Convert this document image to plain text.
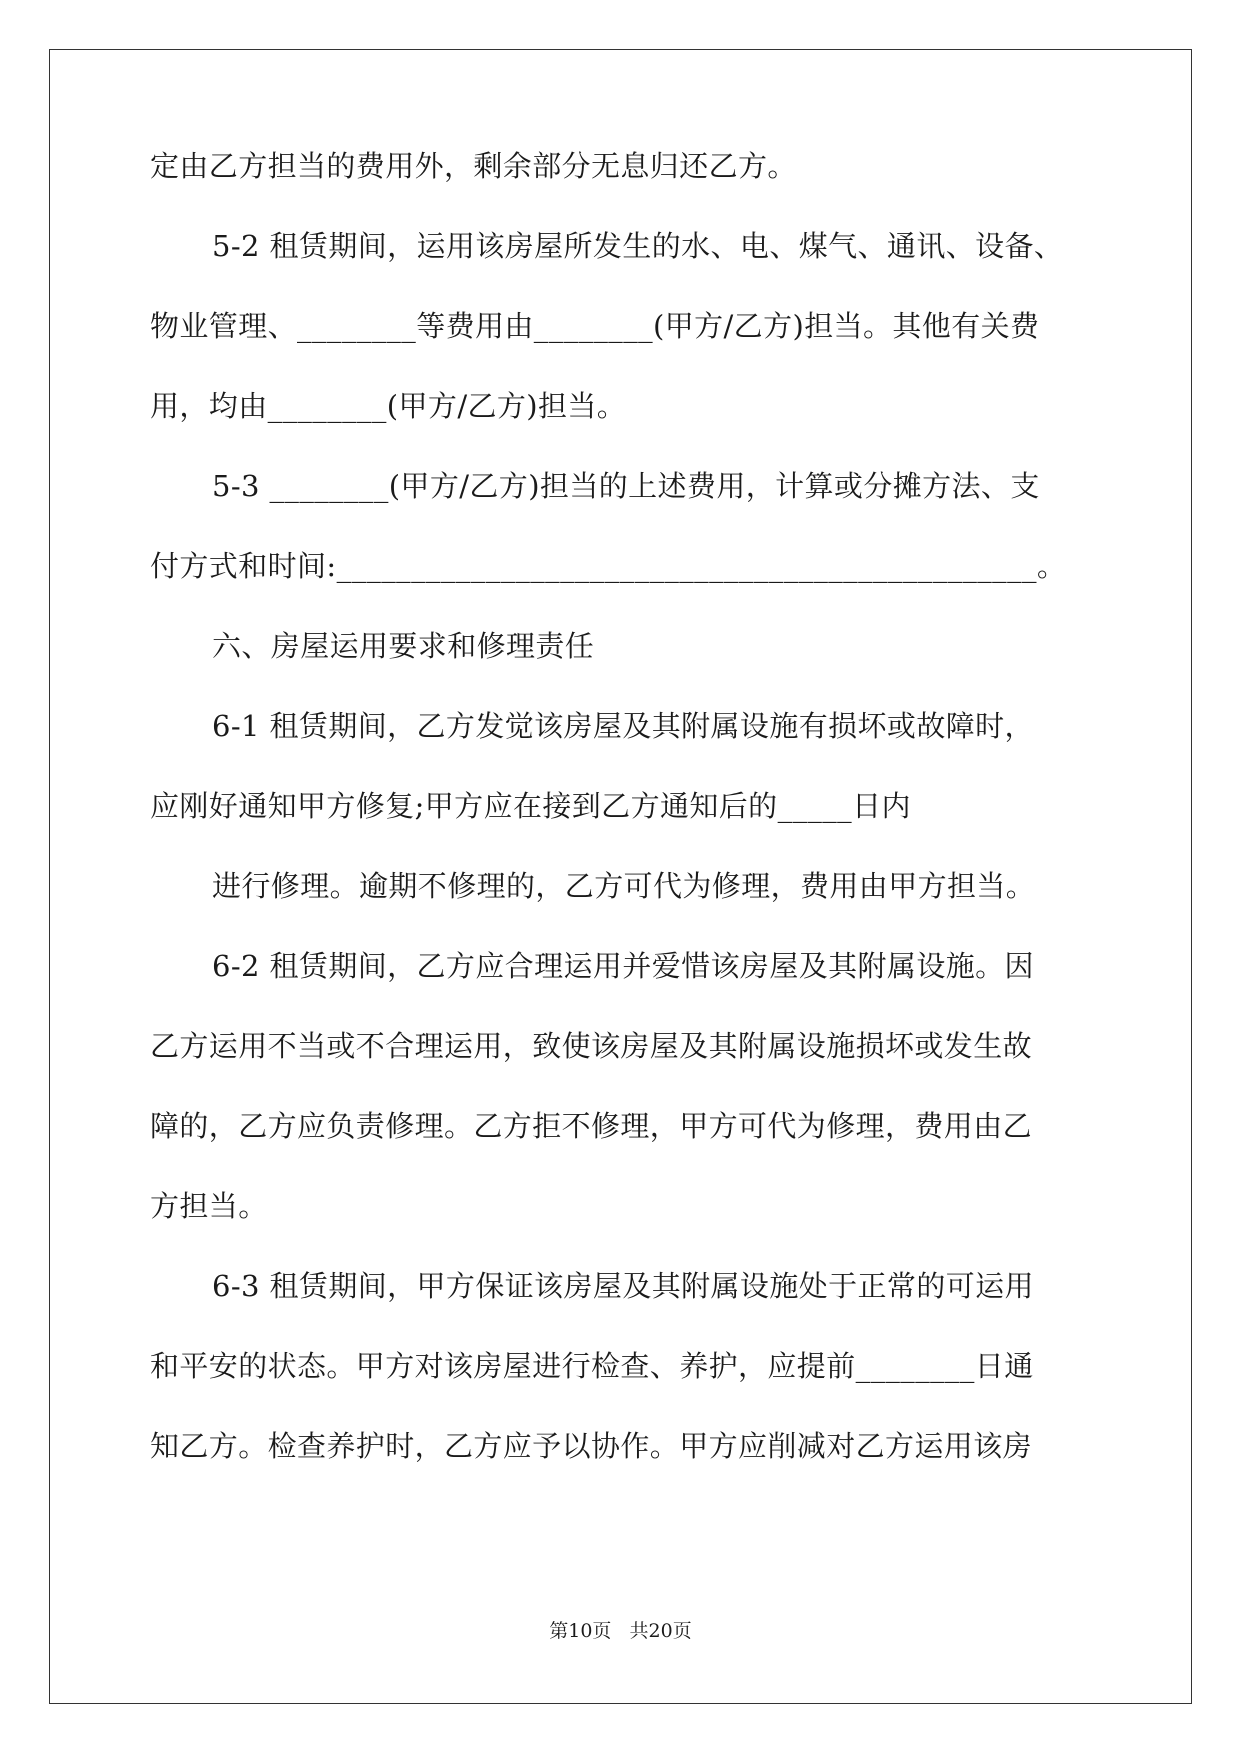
定由乙方担当的费用外，剩余部分无息归还乙方。

5-2 租赁期间，运用该房屋所发生的水、电、煤气、通讯、设备、

物业管理、________等费用由________(甲方/乙方)担当。其他有关费

用，均由________(甲方/乙方)担当。

5-3 ________(甲方/乙方)担当的上述费用，计算或分摊方法、支

付方式和时间:_______________________________________________。

六、房屋运用要求和修理责任

6-1 租赁期间，乙方发觉该房屋及其附属设施有损坏或故障时，

应刚好通知甲方修复;甲方应在接到乙方通知后的_____日内

进行修理。逾期不修理的，乙方可代为修理，费用由甲方担当。

6-2 租赁期间，乙方应合理运用并爱惜该房屋及其附属设施。因

乙方运用不当或不合理运用，致使该房屋及其附属设施损坏或发生故

障的，乙方应负责修理。乙方拒不修理，甲方可代为修理，费用由乙

方担当。

6-3 租赁期间，甲方保证该房屋及其附属设施处于正常的可运用

和平安的状态。甲方对该房屋进行检查、养护，应提前________日通

知乙方。检查养护时，乙方应予以协作。甲方应削减对乙方运用该房

第10页   共20页
